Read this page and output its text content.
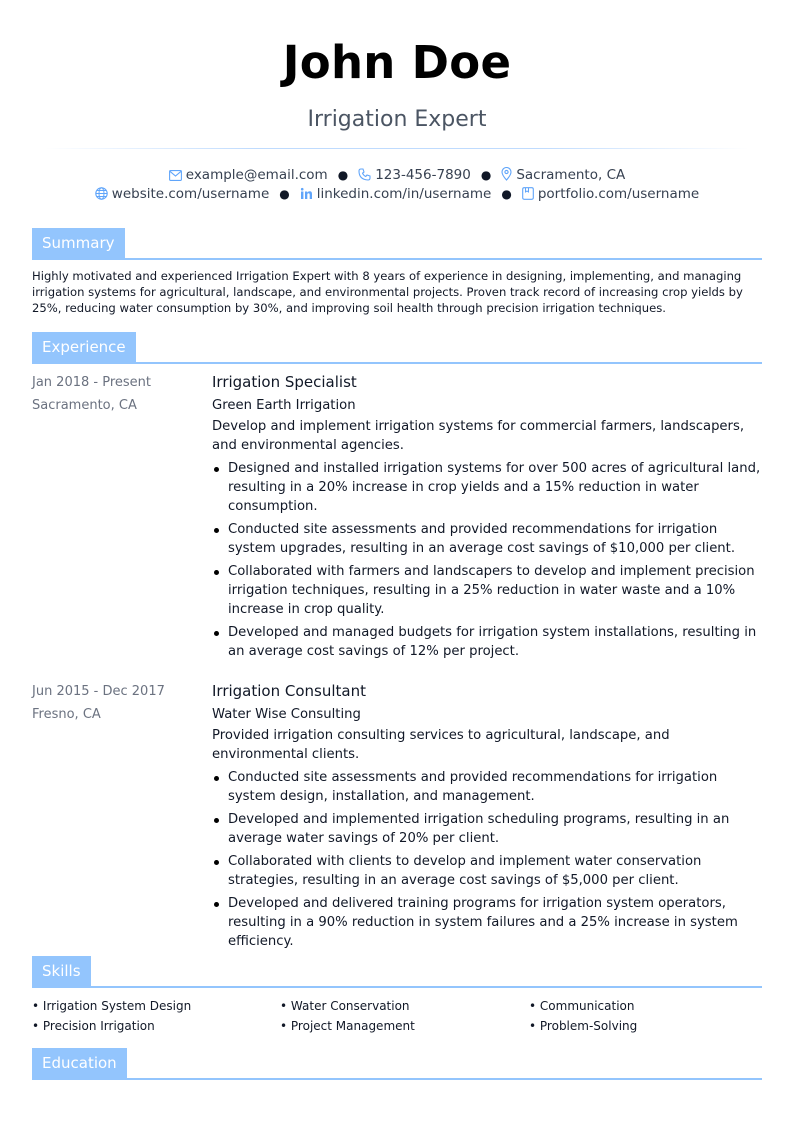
John Doe
Irrigation Expert
example@email.com ● 123-456-7890 ● Sacramento, CA
website.com/username ● linkedin.com/in/username ● portfolio.com/username
Summary
Highly motivated and experienced Irrigation Expert with 8 years of experience in designing, implementing, and managing irrigation systems for agricultural, landscape, and environmental projects. Proven track record of increasing crop yields by 25%, reducing water consumption by 30%, and improving soil health through precision irrigation techniques.
Experience
Jan 2018 - Present
Sacramento, CA
Irrigation Specialist
Green Earth Irrigation
Develop and implement irrigation systems for commercial farmers, landscapers, and environmental agencies.
Designed and installed irrigation systems for over 500 acres of agricultural land, resulting in a 20% increase in crop yields and a 15% reduction in water consumption.
Conducted site assessments and provided recommendations for irrigation system upgrades, resulting in an average cost savings of $10,000 per client.
Collaborated with farmers and landscapers to develop and implement precision irrigation techniques, resulting in a 25% reduction in water waste and a 10% increase in crop quality.
Developed and managed budgets for irrigation system installations, resulting in an average cost savings of 12% per project.
Jun 2015 - Dec 2017
Fresno, CA
Irrigation Consultant
Water Wise Consulting
Provided irrigation consulting services to agricultural, landscape, and environmental clients.
Conducted site assessments and provided recommendations for irrigation system design, installation, and management.
Developed and implemented irrigation scheduling programs, resulting in an average water savings of 20% per client.
Collaborated with clients to develop and implement water conservation strategies, resulting in an average cost savings of $5,000 per client.
Developed and delivered training programs for irrigation system operators, resulting in a 90% reduction in system failures and a 25% increase in system efficiency.
Skills
• Irrigation System Design	• Water Conservation	• Communication
• Precision Irrigation	• Project Management	• Problem-Solving
Education
